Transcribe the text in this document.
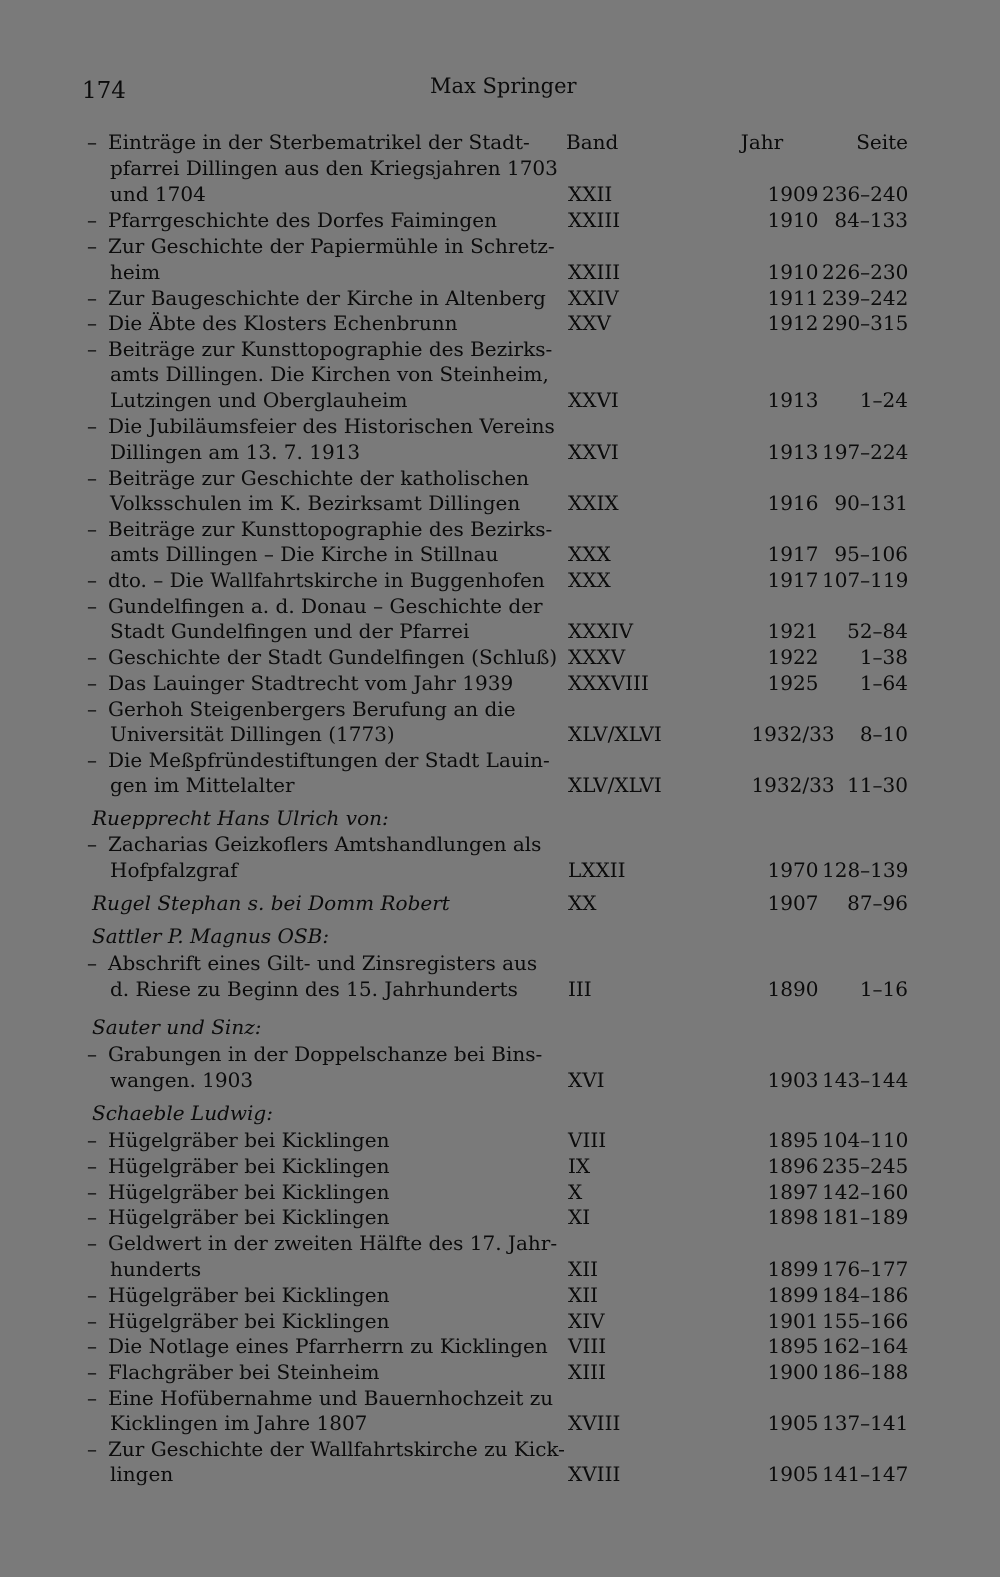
174	Max Springer
Band	Jahr	Seite
– Einträge in der Sterbematrikel der Stadt-
pfarrei Dillingen aus den Kriegsjahren 1703
und 1704	XXII	1909 236–240
– Pfarrgeschichte des Dorfes Faimingen	XXIII	1910 84–133
– Zur Geschichte der Papiermühle in Schretz-
heim	XXIII	1910 226–230
– Zur Baugeschichte der Kirche in Altenberg XXIV	1911 239–242
– Die Äbte des Klosters Echenbrunn	XXV	1912 290–315
– Beiträge zur Kunsttopographie des Bezirks-
amts Dillingen. Die Kirchen von Steinheim,
Lutzingen und Oberglauheim	XXVI	1913	1–24
– Die Jubiläumsfeier des Historischen Vereins
Dillingen am 13. 7. 1913	XXVI	1913 197–224
– Beiträge zur Geschichte der katholischen
Volksschulen im K. Bezirksamt Dillingen XXIX	1916 90–131
– Beiträge zur Kunsttopographie des Bezirks-
amts Dillingen – Die Kirche in Stillnau	XXX	1917 95–106
– dto. – Die Wallfahrtskirche in Buggenhofen XXX	1917 107–119
– Gundelfingen a. d. Donau – Geschichte der
Stadt Gundelfingen und der Pfarrei	XXXIV	1921	52–84
– Geschichte der Stadt Gundelfingen (Schluß) XXXV	1922	1–38
– Das Lauinger Stadtrecht vom Jahr 1939	XXXVIII	1925	1–64
– Gerhoh Steigenbergers Berufung an die
Universität Dillingen (1773)	XLV/XLVI	1932/33	8–10
– Die Meßpfründestiftungen der Stadt Lauin-
gen im Mittelalter	XLV/XLVI	1932/33 11–30
Rueppreсht Hans Ulrich von:
– Zacharias Geizkoflers Amtshandlungen als
Hofpfalzgraf	LXXII	1970 128–139
Rugel Stephan s. bei Domm Robert	XX	1907	87–96
Sattler P. Magnus OSB:
– Abschrift eines Gilt- und Zinsregisters aus
d. Riese zu Beginn des 15. Jahrhunderts	III	1890	1–16
Sauter und Sinz:
– Grabungen in der Doppelschanze bei Bins-
wangen. 1903	XVI	1903 143–144
Schaeble Ludwig:
– Hügelgräber bei Kicklingen	VIII	1895 104–110
– Hügelgräber bei Kicklingen	IX	1896 235–245
– Hügelgräber bei Kicklingen	X	1897 142–160
– Hügelgräber bei Kicklingen	XI	1898 181–189
– Geldwert in der zweiten Hälfte des 17. Jahr-
hunderts	XII	1899 176–177
– Hügelgräber bei Kicklingen	XII	1899 184–186
– Hügelgräber bei Kicklingen	XIV	1901 155–166
– Die Notlage eines Pfarrherrn zu Kicklingen VIII	1895 162–164
– Flachgräber bei Steinheim	XIII	1900 186–188
– Eine Hofübernahme und Bauernhochzeit zu
Kicklingen im Jahre 1807	XVIII	1905 137–141
– Zur Geschichte der Wallfahrtskirche zu Kick-
lingen	XVIII	1905 141–147
